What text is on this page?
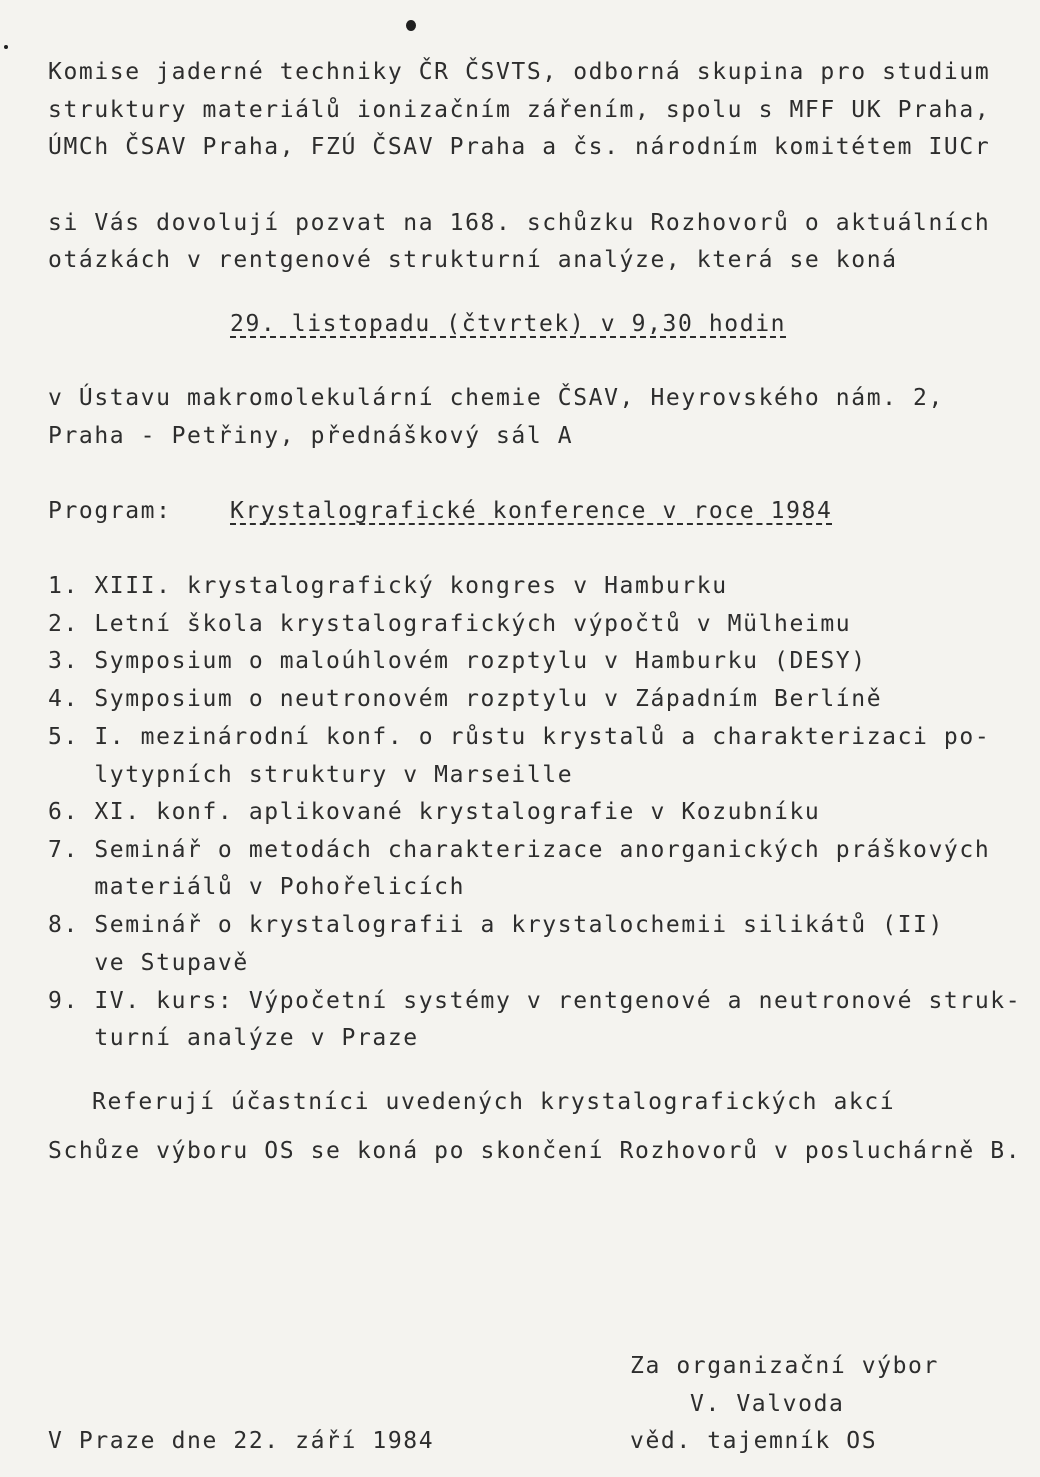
Komise jaderné techniky ČR ČSVTS, odborná skupina pro studium
struktury materiálů ionizačním zářením, spolu s MFF UK Praha,
ÚMCh ČSAV Praha, FZÚ ČSAV Praha a čs. národním komitétem IUCr
si Vás dovolují pozvat na 168. schůzku Rozhovorů o aktuálních
otázkách v rentgenové strukturní analýze, která se koná
29. listopadu (čtvrtek) v 9,30 hodin
v Ústavu makromolekulární chemie ČSAV, Heyrovského nám. 2,
Praha - Petřiny, přednáškový sál A
Program:	Krystalografické konference v roce 1984
1. XIII. krystalografický kongres v Hamburku
2. Letní škola krystalografických výpočtů v Mülheimu
3. Symposium o maloúhlovém rozptylu v Hamburku (DESY)
4. Symposium o neutronovém rozptylu v Západním Berlíně
5. I. mezinárodní konf. o růstu krystalů a charakterizaci po-
lytypních struktury v Marseille
6. XI. konf. aplikované krystalografie v Kozubníku
7. Seminář o metodách charakterizace anorganických práškových
materiálů v Pohořelicích
8. Seminář o krystalografii a krystalochemii silikátů (II)
ve Stupavě
9. IV. kurs: Výpočetní systémy v rentgenové a neutronové struk-
turní analýze v Praze
Referují účastníci uvedených krystalografických akcí
Schůze výboru OS se koná po skončení Rozhovorů v posluchárně B.
Za organizační výbor
V. Valvoda
věd. tajemník OS
V Praze dne 22. září 1984
